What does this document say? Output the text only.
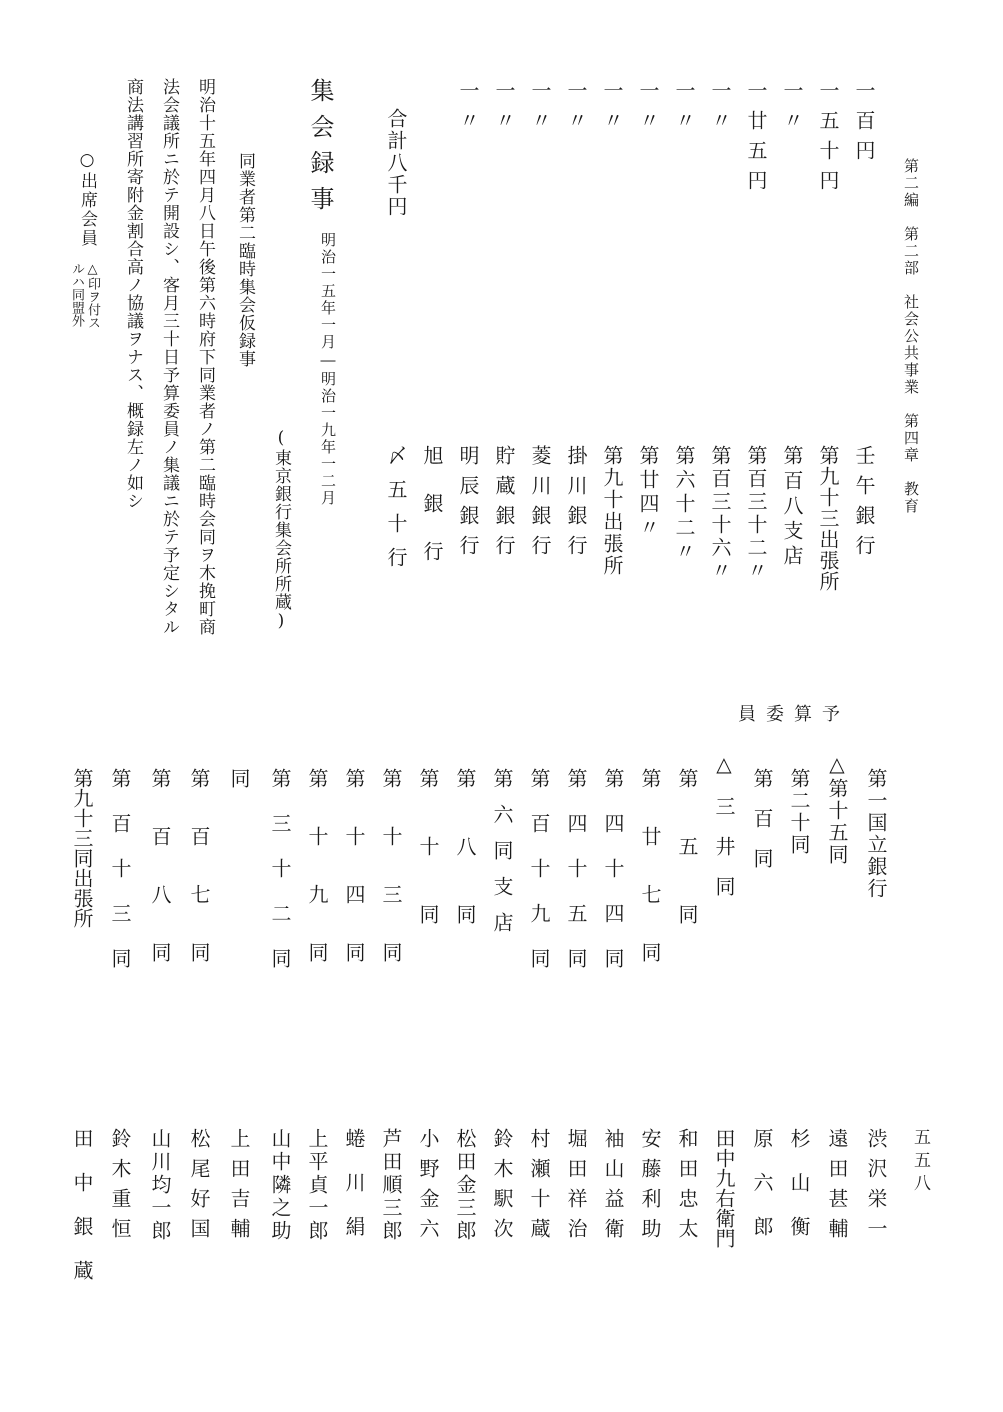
第二編　第二部　社会公共事業　第四章　教育
五五八
一百円
一五十円
一〃
一廿五円
一〃
一〃
一〃
一〃
一〃
一〃
一〃
一〃
壬午銀行
第九十三出張所
第百八支店
第百三十二〃
第百三十六〃
第六十二〃
第廿四〃
第九十出張所
掛川銀行
菱川銀行
貯蔵銀行
明辰銀行
旭銀行
〆五十行
合計八千円
集会録事
明治一五年一月―明治一九年一二月
(東京銀行集会所所蔵)
同業者第二臨時集会仮録事
明治十五年四月八日午後第六時府下同業者ノ第二臨時会同ヲ木挽町商
法会議所ニ於テ開設シ、客月三十日予算委員ノ集議ニ於テ予定シタル
商法講習所寄附金割合高ノ協議ヲナス、概録左ノ如シ
○出席会員
△印ヲ付ス
ルハ同盟外
予算委員
第一国立銀行
△第十五同
第二十同
第百同
△三井同
第五同
第廿七同
第四十四同
第四十五同
第百十九同
第六同支店
第八同
第十同
第十三同
第十四同
第十九同
第三十二同
同
第百七同
第百八同
第百十三同
第九十三同出張所
渋沢栄一
遠田甚輔
杉山衡
原六郎
田中九右衛門
和田忠太
安藤利助
袖山益衛
堀田祥治
村瀬十蔵
鈴木駅次
松田金三郎
小野金六
芦田順三郎
蜷川絹
上平貞一郎
山中隣之助
上田吉輔
松尾好国
山川均一郎
鈴木重恒
田中銀蔵
